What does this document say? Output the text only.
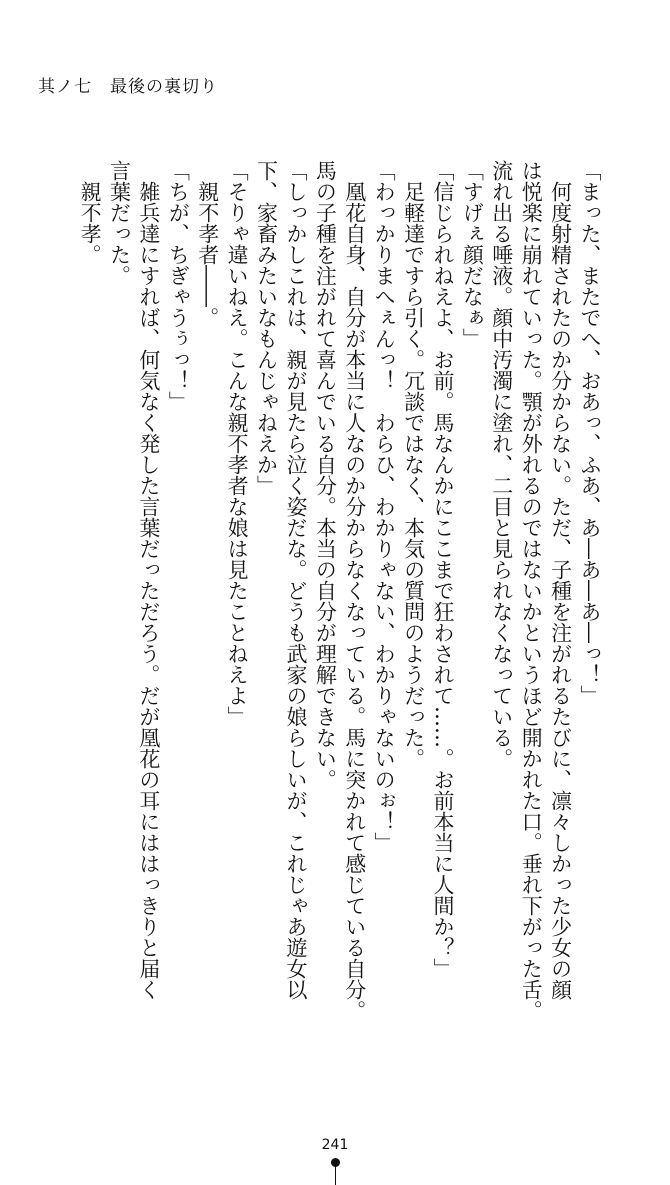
其ノ七　最後の裏切り
「まった、またでへ、おあっ、ふあ、あ―あ―あ―っ！」
　何度射精されたのか分からない。ただ、子種を注がれるたびに、凛々しかった少女の顔
は悦楽に崩れていった。顎が外れるのではないかというほど開かれた口。垂れ下がった舌。
流れ出る唾液。顔中汚濁に塗れ、二目と見られなくなっている。
「すげぇ顔だなぁ」
「信じられねえよ、お前。馬なんかにここまで狂わされて……。お前本当に人間か？」
　足軽達ですら引く。冗談ではなく、本気の質問のようだった。
「わっかりまへぇんっ！　わらひ、わかりゃない、わかりゃないのぉ！」
　凰花自身、自分が本当に人なのか分からなくなっている。馬に突かれて感じている自分。
馬の子種を注がれて喜んでいる自分。本当の自分が理解できない。
「しっかしこれは、親が見たら泣く姿だな。どうも武家の娘らしいが、これじゃあ遊女以
下、家畜みたいなもんじゃねえか」
「そりゃ違いねえ。こんな親不孝者な娘は見たことねえよ」
　親不孝者――。
「ちが、ちぎゃうぅっ！」
　雑兵達にすれば、何気なく発した言葉だっただろう。だが凰花の耳にははっきりと届く
言葉だった。
　親不孝。
241
